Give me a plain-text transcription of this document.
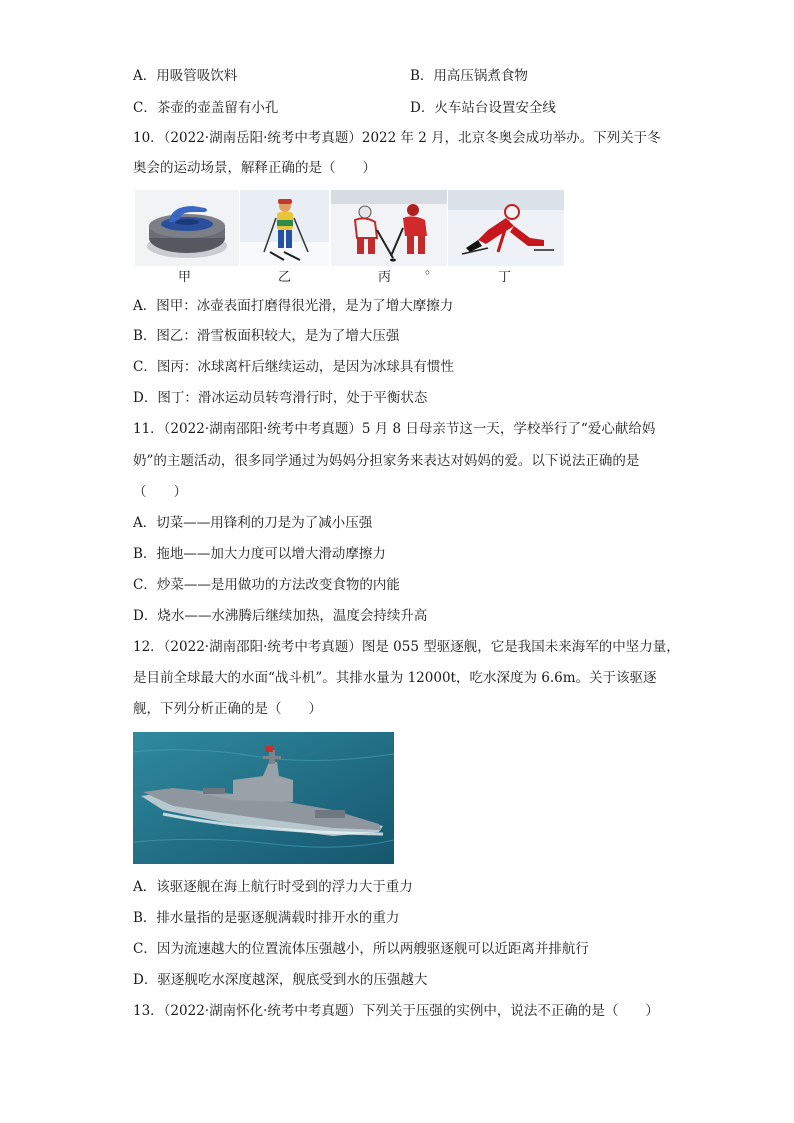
A．用吸管吸饮料	B．用高压锅煮食物
C．茶壶的壶盖留有小孔	D．火车站台设置安全线
10．（2022·湖南岳阳·统考中考真题）2022 年 2 月，北京冬奥会成功举办。下列关于冬
奥会的运动场景，解释正确的是（　　）
甲	乙	丙
。
丁
A．图甲：冰壶表面打磨得很光滑，是为了增大摩擦力
B．图乙：滑雪板面积较大，是为了增大压强
C．图丙：冰球离杆后继续运动，是因为冰球具有惯性
D．图丁：滑冰运动员转弯滑行时，处于平衡状态
11．（2022·湖南邵阳·统考中考真题）5 月 8 日母亲节这一天，学校举行了“爱心献给妈
奶”的主题活动，很多同学通过为妈妈分担家务来表达对妈妈的爱。以下说法正确的是
（　　）
A．切菜——用锋利的刀是为了减小压强
B．拖地——加大力度可以增大滑动摩擦力
C．炒菜——是用做功的方法改变食物的内能
D．烧水——水沸腾后继续加热，温度会持续升高
12．（2022·湖南邵阳·统考中考真题）图是 055 型驱逐舰，它是我国未来海军的中坚力量，
是目前全球最大的水面“战斗机”。其排水量为 12000t，吃水深度为 6.6m。关于该驱逐
舰，下列分析正确的是（　　）
A．该驱逐舰在海上航行时受到的浮力大于重力
B．排水量指的是驱逐舰满载时排开水的重力
C．因为流速越大的位置流体压强越小，所以两艘驱逐舰可以近距离并排航行
D．驱逐舰吃水深度越深，舰底受到水的压强越大
13．（2022·湖南怀化·统考中考真题）下列关于压强的实例中，说法不正确的是（　　）
